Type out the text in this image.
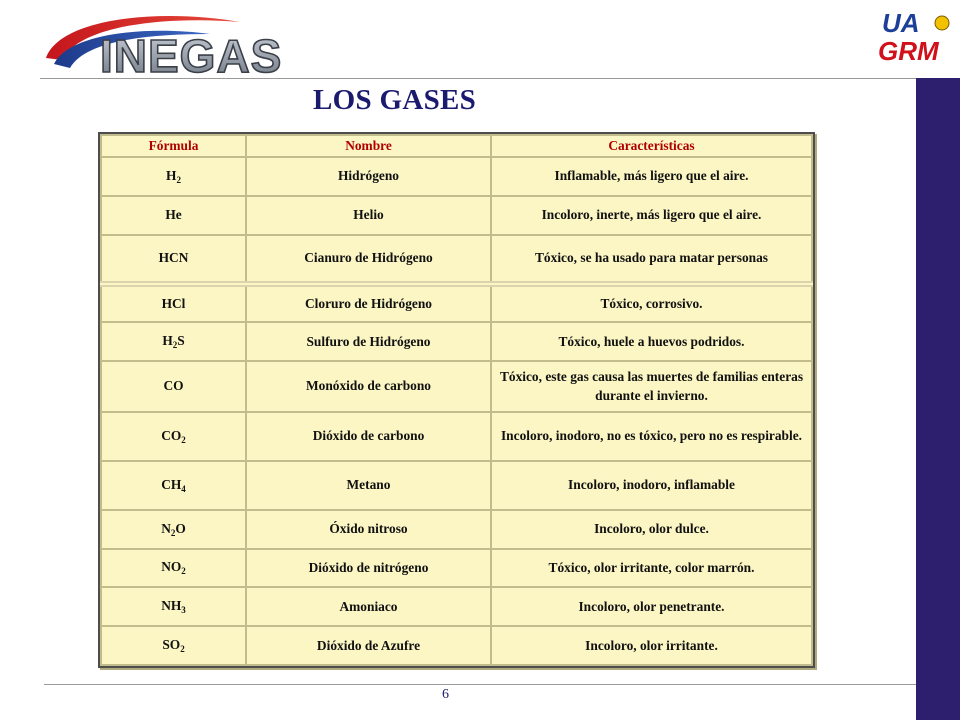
INEGAS
UA
GRM
LOS GASES
Fórmula	Nombre	Características
$H_2$	Hidrógeno	Inflamable, más ligero que el aire.
He	Helio	Incoloro, inerte, más ligero que el aire.
HCN	Cianuro de Hidrógeno	Tóxico, se ha usado para matar personas
HCl	Cloruro de Hidrógeno	Tóxico, corrosivo.
$H_2S$	Sulfuro de Hidrógeno	Tóxico, huele a huevos podridos.
CO	Monóxido de carbono	Tóxico, este gas causa las muertes de familias enteras durante el invierno.
$CO_2$	Dióxido de carbono	Incoloro, inodoro, no es tóxico, pero no es respirable.
$CH_4$	Metano	Incoloro, inodoro, inflamable
$N_2O$	Óxido nitroso	Incoloro, olor dulce.
$NO_2$	Dióxido de nitrógeno	Tóxico, olor irritante, color marrón.
$NH_3$	Amoniaco	Incoloro, olor penetrante.
$SO_2$	Dióxido de Azufre	Incoloro, olor irritante.
6
